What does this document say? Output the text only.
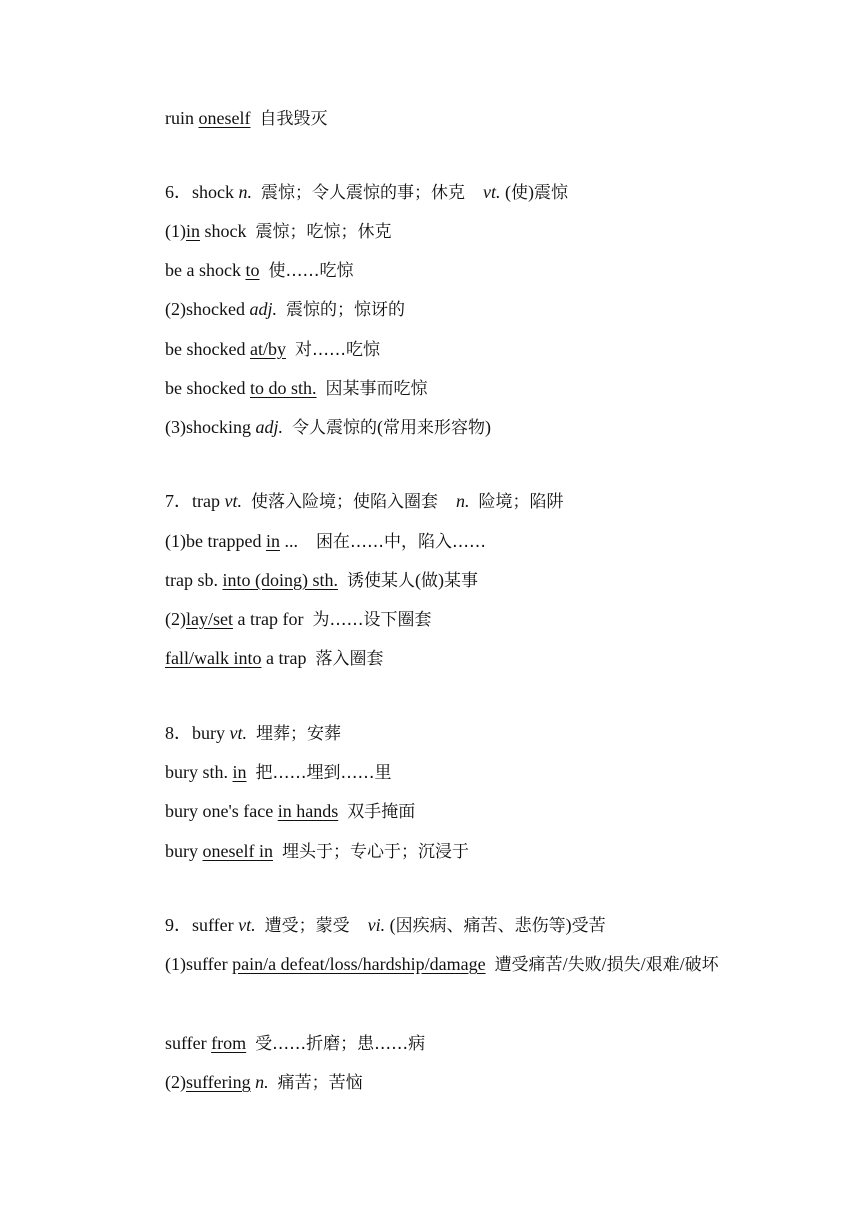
ruin oneself 自我毁灭
6．shock n. 震惊；令人震惊的事；休克 vt. (使)震惊
(1)in shock  震惊；吃惊；休克
be a shock to 使……吃惊
(2)shocked adj. 震惊的；惊讶的
be shocked at/by 对……吃惊
be shocked to do sth. 因某事而吃惊
(3)shocking adj. 令人震惊的(常用来形容物)
7．trap vt. 使落入险境；使陷入圈套 n. 险境；陷阱
(1)be trapped in ...    困在……中，陷入……
trap sb. into (doing) sth. 诱使某人(做)某事
(2)lay/set a trap for  为……设下圈套
fall/walk into a trap  落入圈套
8．bury vt. 埋葬；安葬
bury sth. in 把……埋到……里
bury one's face in hands 双手掩面
bury oneself in 埋头于；专心于；沉浸于
9．suffer vt. 遭受；蒙受 vi. (因疾病、痛苦、悲伤等)受苦
(1)suffer pain/a defeat/loss/hardship/damage 遭受痛苦/失败/损失/艰难/破坏
suffer from 受……折磨；患……病
(2)suffering n. 痛苦；苦恼
